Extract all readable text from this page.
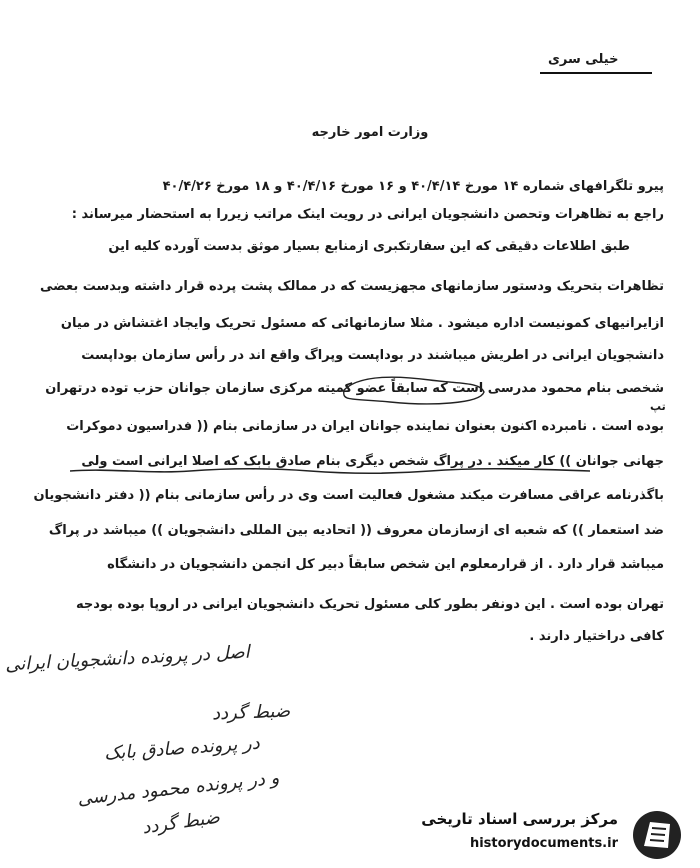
خیلی سری
وزارت امور خارجه
پیرو تلگرافهای شماره ۱۴ مورخ ۴۰/۴/۱۴ و ۱۶ مورخ ۴۰/۴/۱۶ و ۱۸ مورخ ۴۰/۴/۲۶
راجع به تظاهرات وتحصن دانشجویان ایرانی در رویت اینک مراتب زیررا به استحضار میرساند :
طبق اطلاعات دقیقی که این سفارتکبری ازمنابع بسیار موثق بدست آورده کلیه این
تظاهرات بتحریک ودستور سازمانهای مجهزیست که در ممالک پشت پرده قرار داشته وبدست بعضی
ازایرانیهای کمونیست اداره میشود . مثلا سازمانهائی که مسئول تحریک وایجاد اغتشاش در میان
دانشجویان ایرانی در اطریش میباشند در بوداپست وپراگ واقع اند در رأس سازمان بوداپست
شخصی بنام محمود مدرسی است که سابقاً عضو کمیته مرکزی سازمان جوانان حزب توده درتهران
بوده است . نامبرده اکنون بعنوان نماینده جوانان ایران در سازمانی بنام (( فدراسیون دموکرات
جهانی جوانان )) کار میکند . در پراگ شخص دیگری بنام صادق بابک که اصلا ایرانی است ولی
باگذرنامه عراقی مسافرت میکند مشغول فعالیت است وی در رأس سازمانی بنام (( دفتر دانشجویان
ضد استعمار )) که شعبه ای ازسازمان معروف (( اتحادیه بین المللی دانشجویان )) میباشد در پراگ
میباشد قرار دارد . از قرارمعلوم این شخص سابقاً دبیر کل انجمن دانشجویان در دانشگاه
تهران بوده است . این دونفر بطور کلی مسئول تحریک دانشجویان ایرانی در اروپا بوده بودجه
کافی دراختیار دارند .
تپ
اصل در پرونده دانشجویان ایرانی
ضبط گردد
در پرونده صادق بابک
و در پرونده محمود مدرسی
ضبط گردد	مرکز بررسی اسناد تاریخی
historydocuments.ir
